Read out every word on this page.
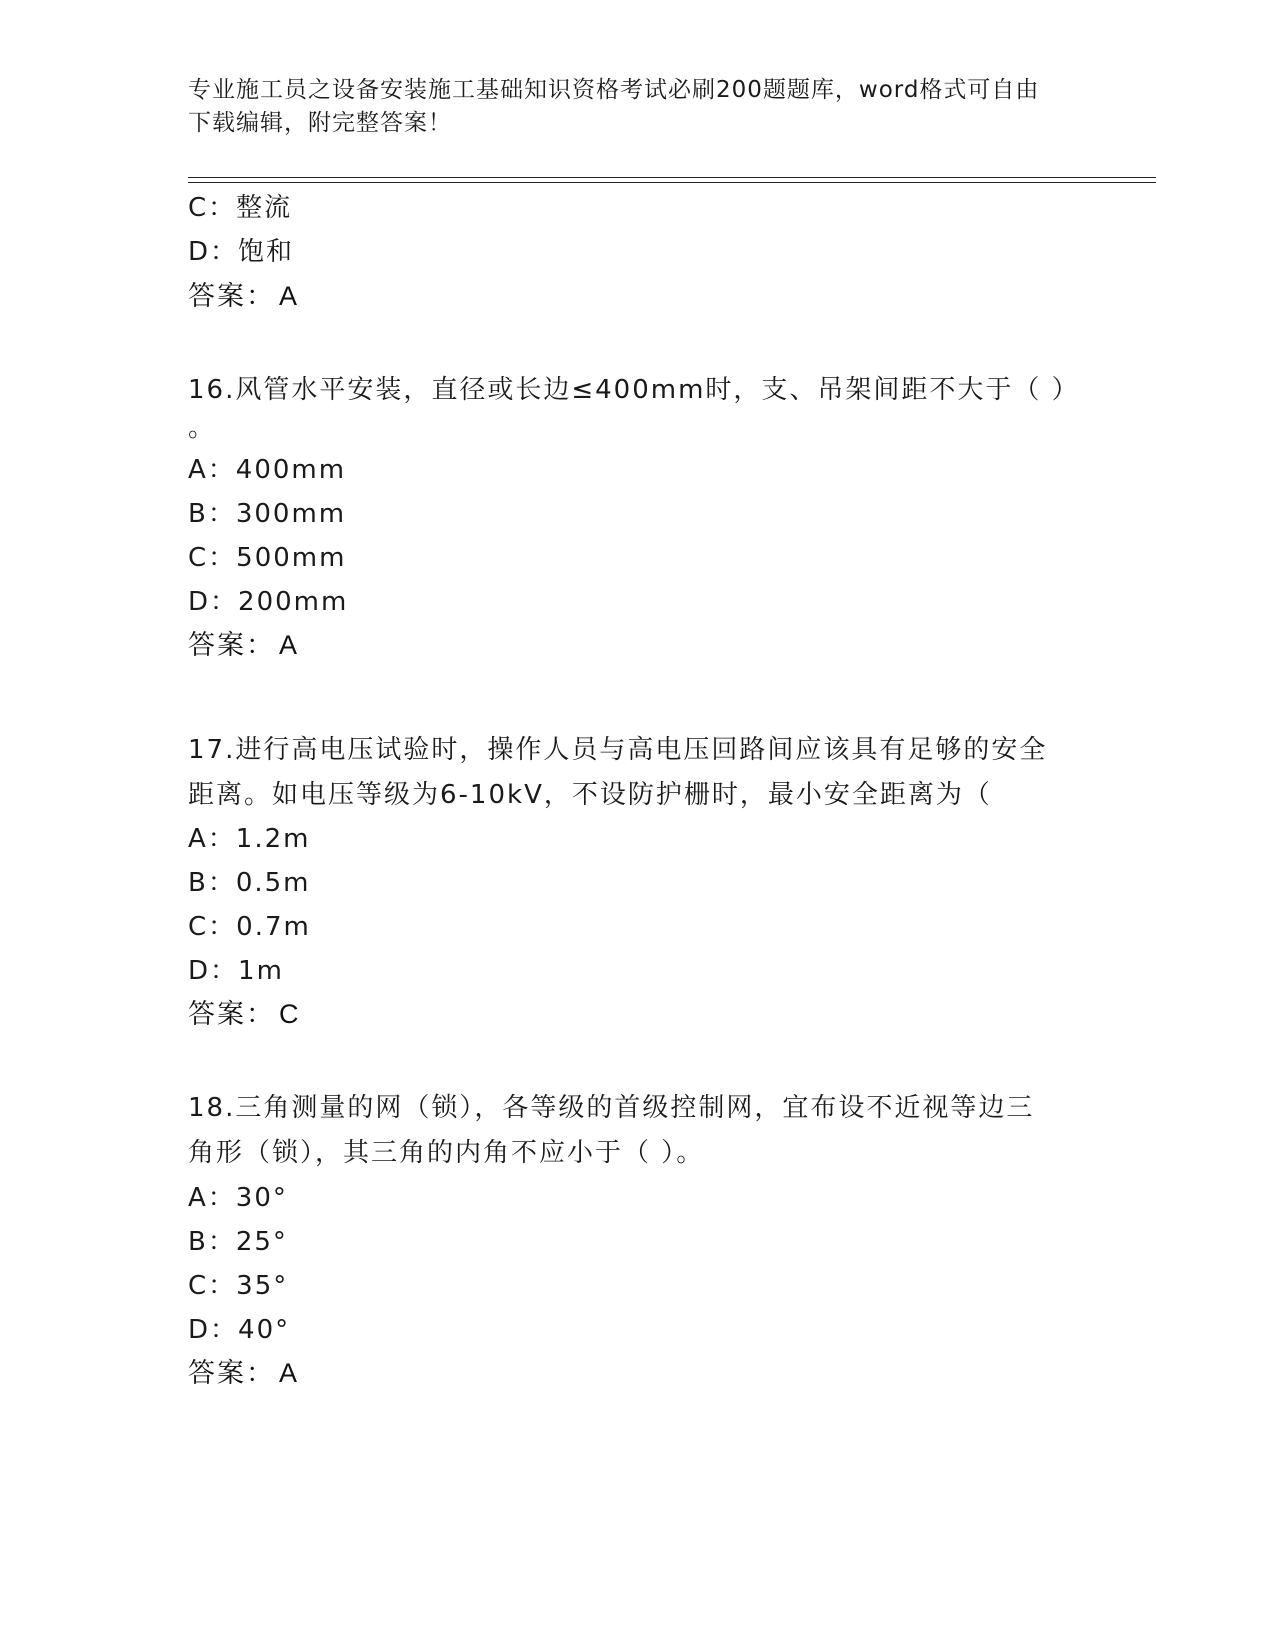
专业施工员之设备安装施工基础知识资格考试必刷200题题库，word格式可自由
下载编辑，附完整答案！
C：整流
D：饱和
答案： A
16.风管水平安装，直径或长边≤400mm时，支、吊架间距不大于（ ）
。
A：400mm
B：300mm
C：500mm
D：200mm
答案： A
17.进行高电压试验时，操作人员与高电压回路间应该具有足够的安全
距离。如电压等级为6-10kV，不设防护栅时，最小安全距离为（
A：1.2m
B：0.5m
C：0.7m
D：1m
答案： C
18.三角测量的网（锁），各等级的首级控制网，宜布设不近视等边三
角形（锁），其三角的内角不应小于（ ）。
A：30°
B：25°
C：35°
D：40°
答案： A
